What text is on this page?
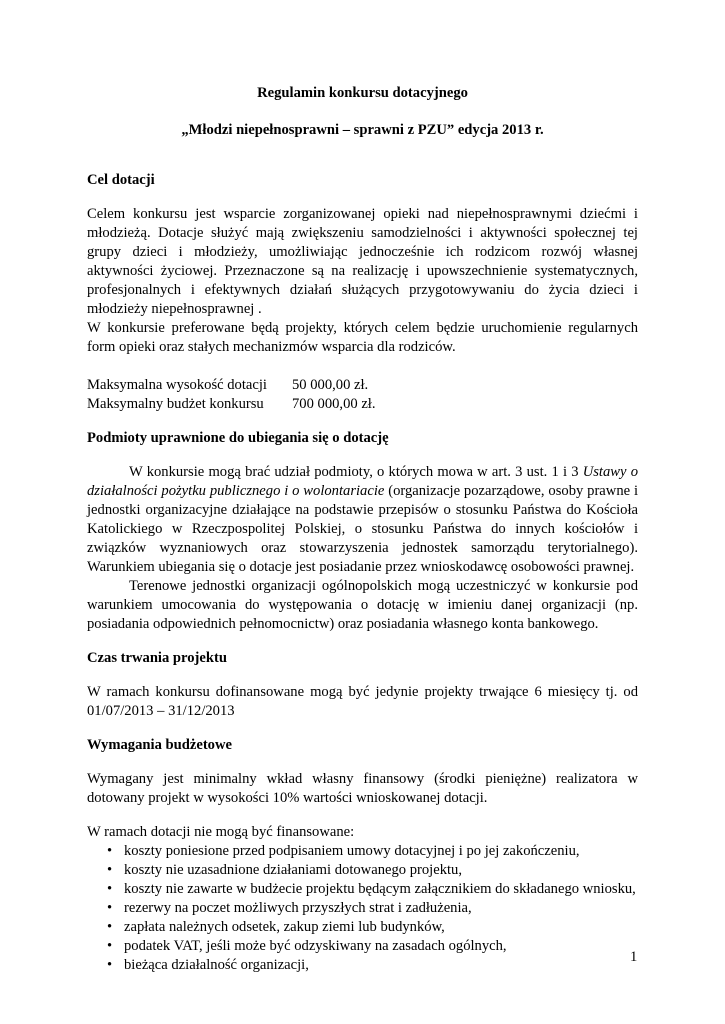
Regulamin konkursu dotacyjnego

„Młodzi niepełnosprawni – sprawni z PZU” edycja 2013 r.

Cel dotacji

Celem konkursu jest wsparcie zorganizowanej opieki nad niepełnosprawnymi dziećmi i młodzieżą. Dotacje służyć mają zwiększeniu samodzielności i aktywności społecznej tej grupy dzieci i młodzieży, umożliwiając jednocześnie ich rodzicom rozwój własnej aktywności życiowej. Przeznaczone są na realizację i upowszechnienie systematycznych, profesjonalnych i efektywnych działań służących przygotowywaniu do życia dzieci i młodzieży niepełnosprawnej .

W konkursie preferowane będą projekty, których celem będzie uruchomienie regularnych form opieki oraz stałych mechanizmów wsparcia dla rodziców.

Maksymalna wysokość dotacji	50 000,00 zł.
Maksymalny budżet konkursu	700 000,00 zł.
Podmioty uprawnione do ubiegania się o dotację

W konkursie mogą brać udział podmioty, o których mowa w art. 3 ust. 1 i 3 Ustawy o działalności pożytku publicznego i o wolontariacie (organizacje pozarządowe, osoby prawne i jednostki organizacyjne działające na podstawie przepisów o stosunku Państwa do Kościoła Katolickiego w Rzeczpospolitej Polskiej, o stosunku Państwa do innych kościołów i związków wyznaniowych oraz stowarzyszenia jednostek samorządu terytorialnego). Warunkiem ubiegania się o dotacje jest posiadanie przez wnioskodawcę osobowości prawnej.

Terenowe jednostki organizacji ogólnopolskich mogą uczestniczyć w konkursie pod warunkiem umocowania do występowania o dotację w imieniu danej organizacji (np. posiadania odpowiednich pełnomocnictw) oraz posiadania własnego konta bankowego.

Czas trwania projektu

W ramach konkursu dofinansowane mogą być jedynie projekty trwające 6 miesięcy tj. od 01/07/2013 – 31/12/2013

Wymagania budżetowe

Wymagany jest minimalny wkład własny finansowy (środki pieniężne) realizatora w dotowany projekt w wysokości 10% wartości wnioskowanej dotacji.

W ramach dotacji nie mogą być finansowane:

• koszty poniesione przed podpisaniem umowy dotacyjnej i po jej zakończeniu,
• koszty nie uzasadnione działaniami dotowanego projektu,
• koszty nie zawarte w budżecie projektu będącym załącznikiem do składanego wniosku,
• rezerwy na poczet możliwych przyszłych strat i zadłużenia,
• zapłata należnych odsetek, zakup ziemi lub budynków,
• podatek VAT, jeśli może być odzyskiwany na zasadach ogólnych,
• bieżąca działalność organizacji,	1
